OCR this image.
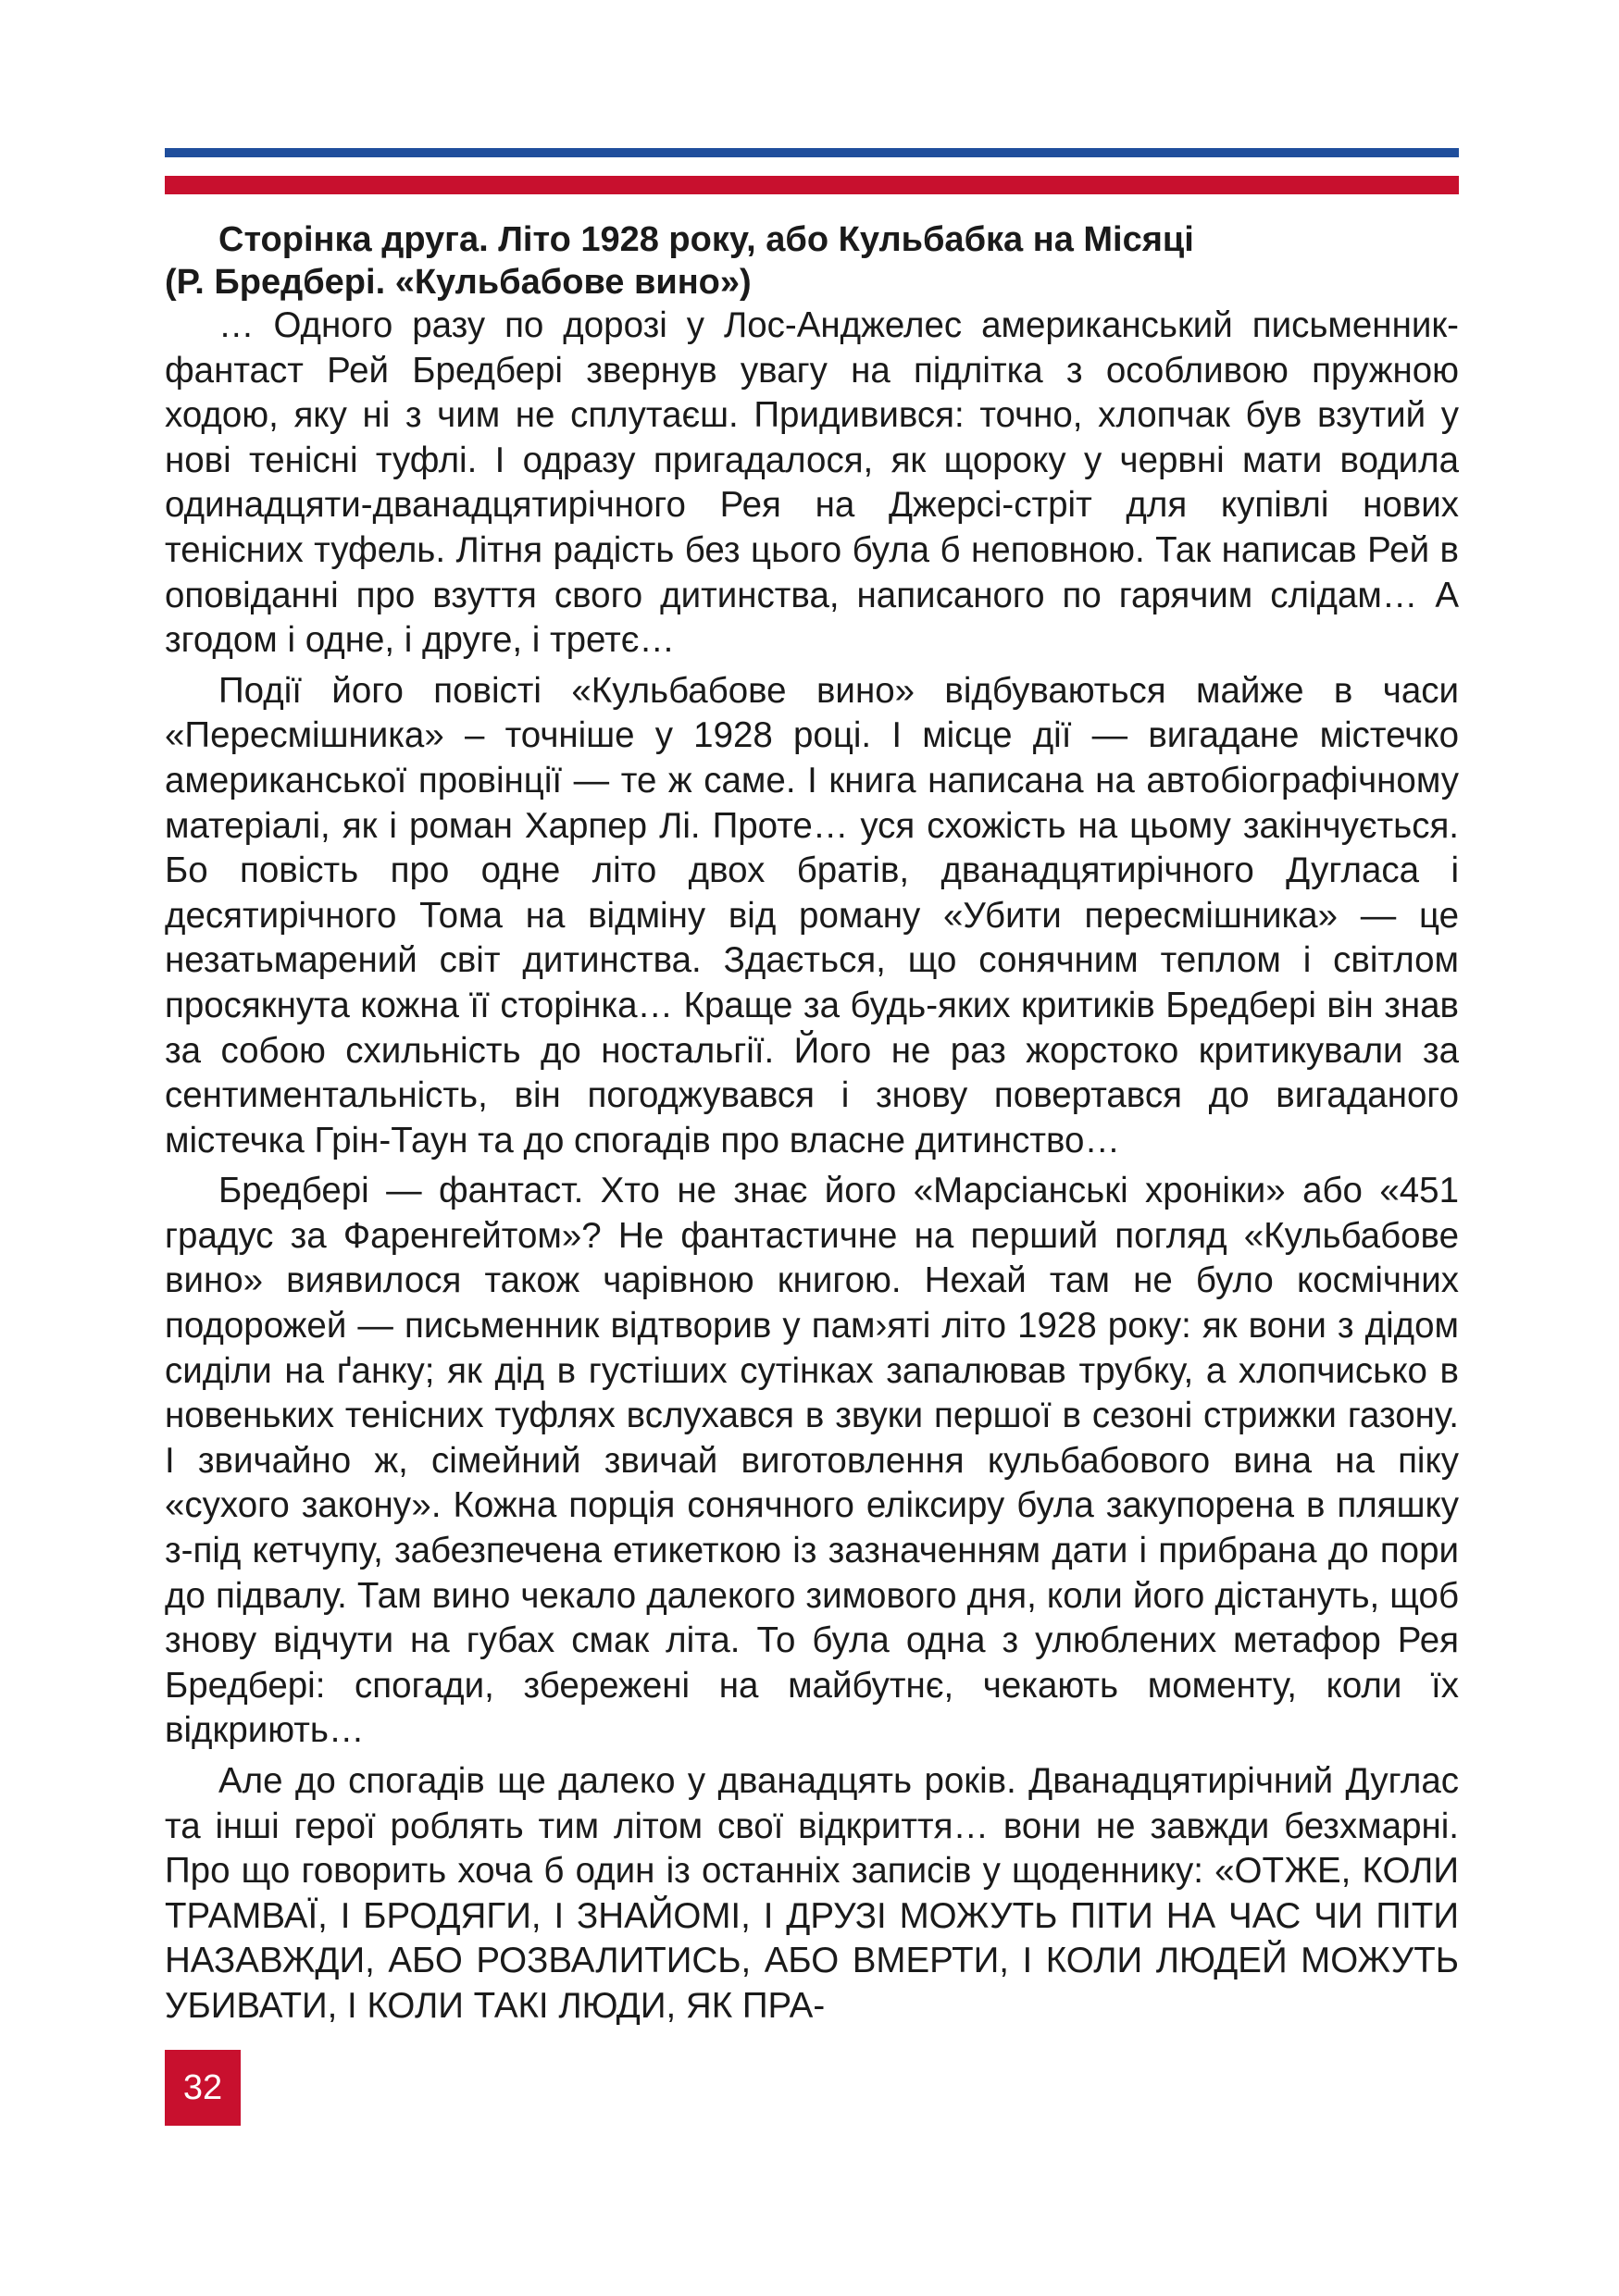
Сторінка друга. Літо 1928 року, або Кульбабка на Місяці
(Р. Бредбері. «Кульбабове вино»)

… Одного разу по дорозі у Лос-Анджелес американський письменник-фантаст Рей Бредбері звернув увагу на підлітка з особливою пружною ходою, яку ні з чим не сплутаєш. Придивився: точно, хлопчак був взутий у нові тенісні туфлі. І одразу пригадалося, як щороку у червні мати водила одинадцяти-дванадцятирічного Рея на Джерсі-стріт для купівлі нових тенісних туфель. Літня радість без цього була б неповною. Так написав Рей в оповіданні про взуття свого дитинства, написаного по гарячим слідам… А згодом і одне, і друге, і третє…

Події його повісті «Кульбабове вино» відбуваються майже в часи «Пересмішника» – точніше у 1928 році. І місце дії — вигадане містечко американської провінції — те ж саме. І книга написана на автобіографічному матеріалі, як і роман Харпер Лі. Проте… уся схожість на цьому закінчується. Бо повість про одне літо двох братів, дванадцятирічного Дугласа і десятирічного Тома на відміну від роману «Убити пересмішника» — це незатьмарений світ дитинства. Здається, що сонячним теплом і світлом просякнута кожна її сторінка… Краще за будь-яких критиків Бредбері він знав за собою схильність до ностальгії. Його не раз жорстоко критикували за сентиментальність, він погоджувався і знову повертався до вигаданого містечка Грін-Таун та до спогадів про власне дитинство…

Бредбері — фантаст. Хто не знає його «Марсіанські хроніки» або «451 градус за Фаренгейтом»? Не фантастичне на перший погляд «Кульбабове вино» виявилося також чарівною книгою. Нехай там не було космічних подорожей — письменник відтворив у пам›яті літо 1928 року: як вони з дідом сиділи на ґанку; як дід в густіших сутінках запалював трубку, а хлопчисько в новеньких тенісних туфлях вслухався в звуки першої в сезоні стрижки газону. І звичайно ж, сімейний звичай виготовлення кульбабового вина на піку «сухого закону». Кожна порція сонячного еліксиру була закупорена в пляшку з-під кетчупу, забезпечена етикеткою із зазначенням дати і прибрана до пори до підвалу. Там вино чекало далекого зимового дня, коли його дістануть, щоб знову відчути на губах смак літа. То була одна з улюблених метафор Рея Бредбері: спогади, збережені на майбутнє, чекають моменту, коли їх відкриють…

Але до спогадів ще далеко у дванадцять років. Дванадцятирічний Дуглас та інші герої роблять тим літом свої відкриття… вони не завжди безхмарні. Про що говорить хоча б один із останніх записів у щоденнику: «ОТЖЕ, КОЛИ ТРАМВАЇ, І БРОДЯГИ, І ЗНАЙОМІ, І ДРУЗІ МОЖУТЬ ПІТИ НА ЧАС ЧИ ПІТИ НАЗАВЖДИ, АБО РОЗВАЛИТИСЬ, АБО ВМЕРТИ, І КОЛИ ЛЮДЕЙ МОЖУТЬ УБИВАТИ, І КОЛИ ТАКІ ЛЮДИ, ЯК ПРА-

32
